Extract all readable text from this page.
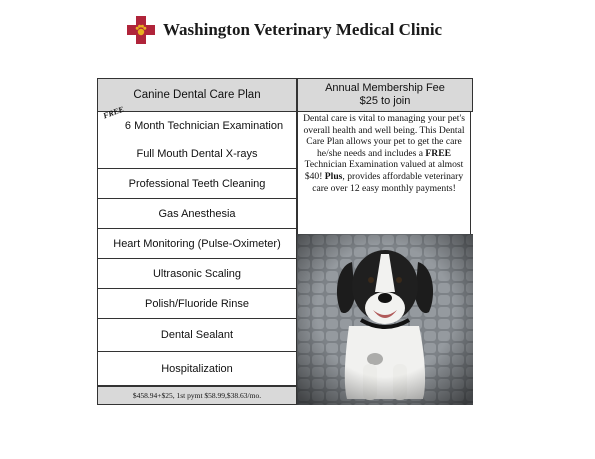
Washington Veterinary Medical Clinic
Canine Dental Care Plan
FREE
6 Month Technician Examination
Full Mouth Dental X-rays
Professional Teeth Cleaning
Gas Anesthesia
Heart Monitoring (Pulse-Oximeter)
Ultrasonic Scaling
Polish/Fluoride Rinse
Dental Sealant
Hospitalization
$458.94+$25, 1st pymt $58.99,$38.63/mo.
Annual Membership Fee
$25 to join
Dental care is vital to managing your pet's overall health and well being. This Dental Care Plan allows your pet to get the care he/she needs and includes a FREE Technician Examination valued at almost $40! Plus, provides affordable veterinary care over 12 easy monthly payments!
